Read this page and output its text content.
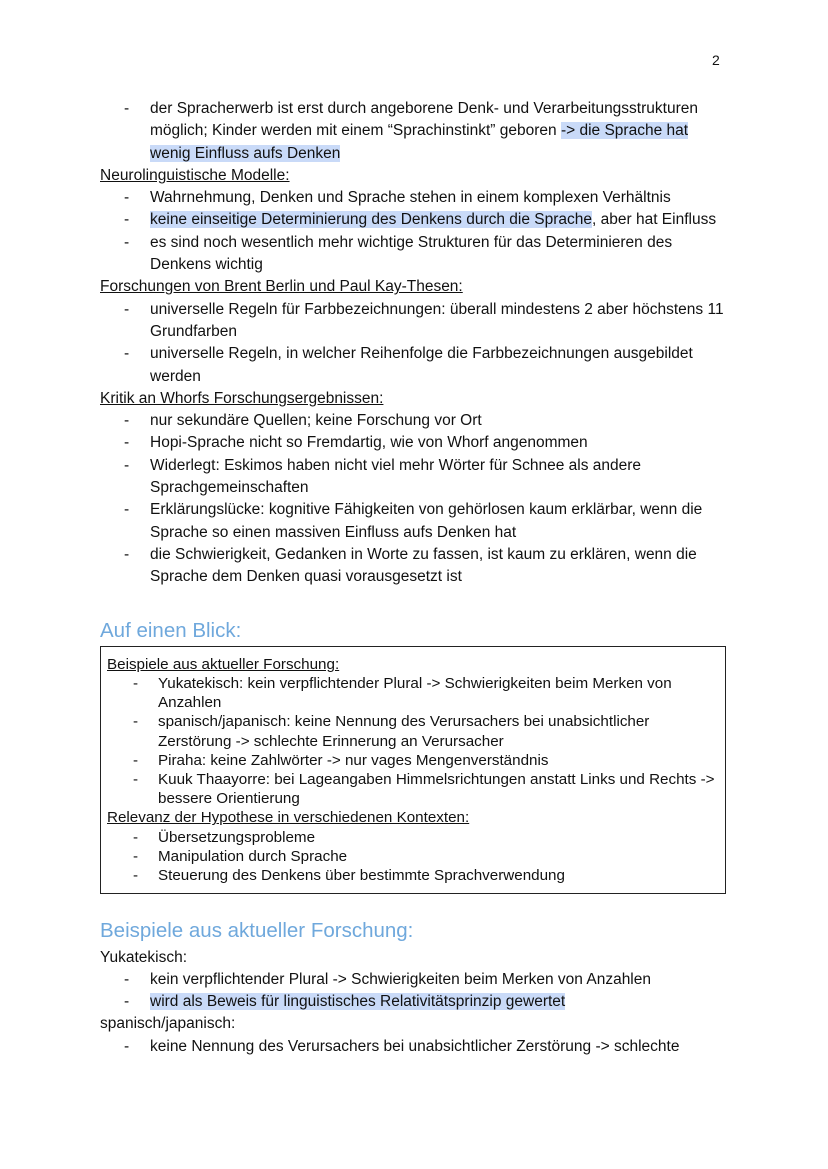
2
- der Spracherwerb ist erst durch angeborene Denk- und Verarbeitungsstrukturen möglich; Kinder werden mit einem “Sprachinstinkt” geboren -> die Sprache hat wenig Einfluss aufs Denken

Neurolinguistische Modelle:

- Wahrnehmung, Denken und Sprache stehen in einem komplexen Verhältnis
- keine einseitige Determinierung des Denkens durch die Sprache, aber hat Einfluss
- es sind noch wesentlich mehr wichtige Strukturen für das Determinieren des Denkens wichtig

Forschungen von Brent Berlin und Paul Kay-Thesen:

- universelle Regeln für Farbbezeichnungen: überall mindestens 2 aber höchstens 11 Grundfarben
- universelle Regeln, in welcher Reihenfolge die Farbbezeichnungen ausgebildet werden

Kritik an Whorfs Forschungsergebnissen:

- nur sekundäre Quellen; keine Forschung vor Ort
- Hopi-Sprache nicht so Fremdartig, wie von Whorf angenommen
- Widerlegt: Eskimos haben nicht viel mehr Wörter für Schnee als andere Sprachgemeinschaften
- Erklärungslücke: kognitive Fähigkeiten von gehörlosen kaum erklärbar, wenn die Sprache so einen massiven Einfluss aufs Denken hat
- die Schwierigkeit, Gedanken in Worte zu fassen, ist kaum zu erklären, wenn die Sprache dem Denken quasi vorausgesetzt ist
Auf einen Blick:

Beispiele aus aktueller Forschung:

- Yukatekisch: kein verpflichtender Plural -> Schwierigkeiten beim Merken von Anzahlen
- spanisch/japanisch: keine Nennung des Verursachers bei unabsichtlicher Zerstörung -> schlechte Erinnerung an Verursacher
- Piraha: keine Zahlwörter -> nur vages Mengenverständnis
- Kuuk Thaayorre: bei Lageangaben Himmelsrichtungen anstatt Links und Rechts -> bessere Orientierung

Relevanz der Hypothese in verschiedenen Kontexten:

- Übersetzungsprobleme
- Manipulation durch Sprache
- Steuerung des Denkens über bestimmte Sprachverwendung
Beispiele aus aktueller Forschung:

Yukatekisch:

- kein verpflichtender Plural -> Schwierigkeiten beim Merken von Anzahlen
- wird als Beweis für linguistisches Relativitätsprinzip gewertet

spanisch/japanisch:

- keine Nennung des Verursachers bei unabsichtlicher Zerstörung -> schlechte
